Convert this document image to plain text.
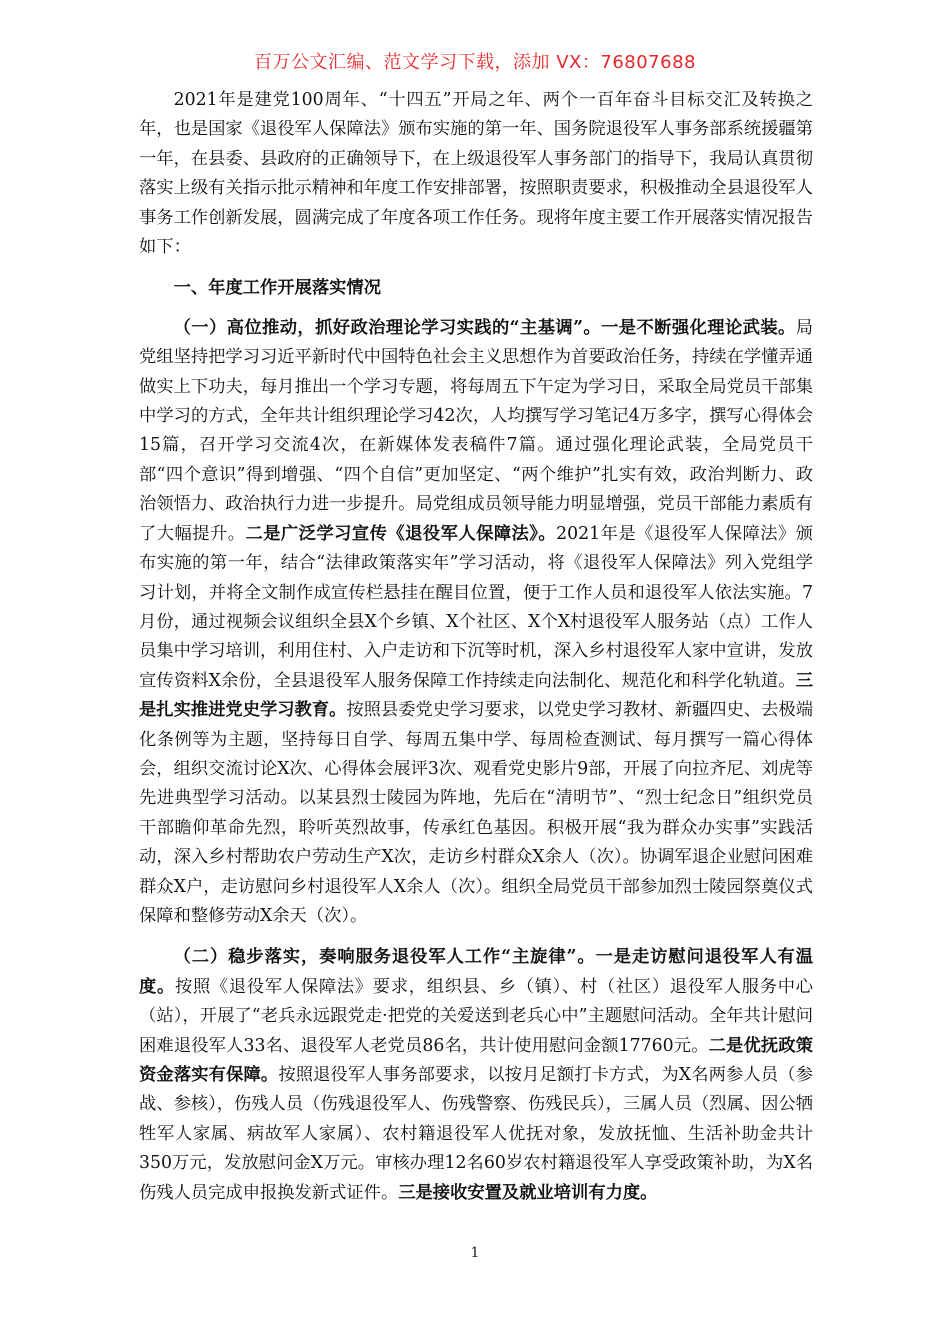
百万公文汇编、范文学习下载，添加 VX：76807688

2021年是建党100周年、“十四五”开局之年、两个一百年奋斗目标交汇及转换之年，也是国家《退役军人保障法》颁布实施的第一年、国务院退役军人事务部系统援疆第一年，在县委、县政府的正确领导下，在上级退役军人事务部门的指导下，我局认真贯彻落实上级有关指示批示精神和年度工作安排部署，按照职责要求，积极推动全县退役军人事务工作创新发展，圆满完成了年度各项工作任务。现将年度主要工作开展落实情况报告如下：

一、年度工作开展落实情况

（一）高位推动，抓好政治理论学习实践的“主基调”。一是不断强化理论武装。局党组坚持把学习习近平新时代中国特色社会主义思想作为首要政治任务，持续在学懂弄通做实上下功夫，每月推出一个学习专题，将每周五下午定为学习日，采取全局党员干部集中学习的方式，全年共计组织理论学习42次，人均撰写学习笔记4万多字，撰写心得体会15篇，召开学习交流4次，在新媒体发表稿件7篇。通过强化理论武装，全局党员干部“四个意识”得到增强、“四个自信”更加坚定、“两个维护”扎实有效，政治判断力、政治领悟力、政治执行力进一步提升。局党组成员领导能力明显增强，党员干部能力素质有了大幅提升。二是广泛学习宣传《退役军人保障法》。2021年是《退役军人保障法》颁布实施的第一年，结合“法律政策落实年”学习活动，将《退役军人保障法》列入党组学习计划，并将全文制作成宣传栏悬挂在醒目位置，便于工作人员和退役军人依法实施。7月份，通过视频会议组织全县X个乡镇、X个社区、X个X村退役军人服务站（点）工作人员集中学习培训，利用住村、入户走访和下沉等时机，深入乡村退役军人家中宣讲，发放宣传资料X余份，全县退役军人服务保障工作持续走向法制化、规范化和科学化轨道。三是扎实推进党史学习教育。按照县委党史学习要求，以党史学习教材、新疆四史、去极端化条例等为主题，坚持每日自学、每周五集中学、每周检查测试、每月撰写一篇心得体会，组织交流讨论X次、心得体会展评3次、观看党史影片9部，开展了向拉齐尼、刘虎等先进典型学习活动。以某县烈士陵园为阵地，先后在“清明节”、“烈士纪念日”组织党员干部瞻仰革命先烈，聆听英烈故事，传承红色基因。积极开展“我为群众办实事”实践活动，深入乡村帮助农户劳动生产X次，走访乡村群众X余人（次）。协调军退企业慰问困难群众X户，走访慰问乡村退役军人X余人（次）。组织全局党员干部参加烈士陵园祭奠仪式保障和整修劳动X余天（次）。

（二）稳步落实，奏响服务退役军人工作“主旋律”。一是走访慰问退役军人有温度。按照《退役军人保障法》要求，组织县、乡（镇）、村（社区）退役军人服务中心（站），开展了“老兵永远跟党走·把党的关爱送到老兵心中”主题慰问活动。全年共计慰问困难退役军人33名、退役军人老党员86名，共计使用慰问金额17760元。二是优抚政策资金落实有保障。按照退役军人事务部要求，以按月足额打卡方式，为X名两参人员（参战、参核），伤残人员（伤残退役军人、伤残警察、伤残民兵），三属人员（烈属、因公牺牲军人家属、病故军人家属）、农村籍退役军人优抚对象，发放抚恤、生活补助金共计350万元，发放慰问金X万元。审核办理12名60岁农村籍退役军人享受政策补助，为X名伤残人员完成申报换发新式证件。三是接收安置及就业培训有力度。

1
